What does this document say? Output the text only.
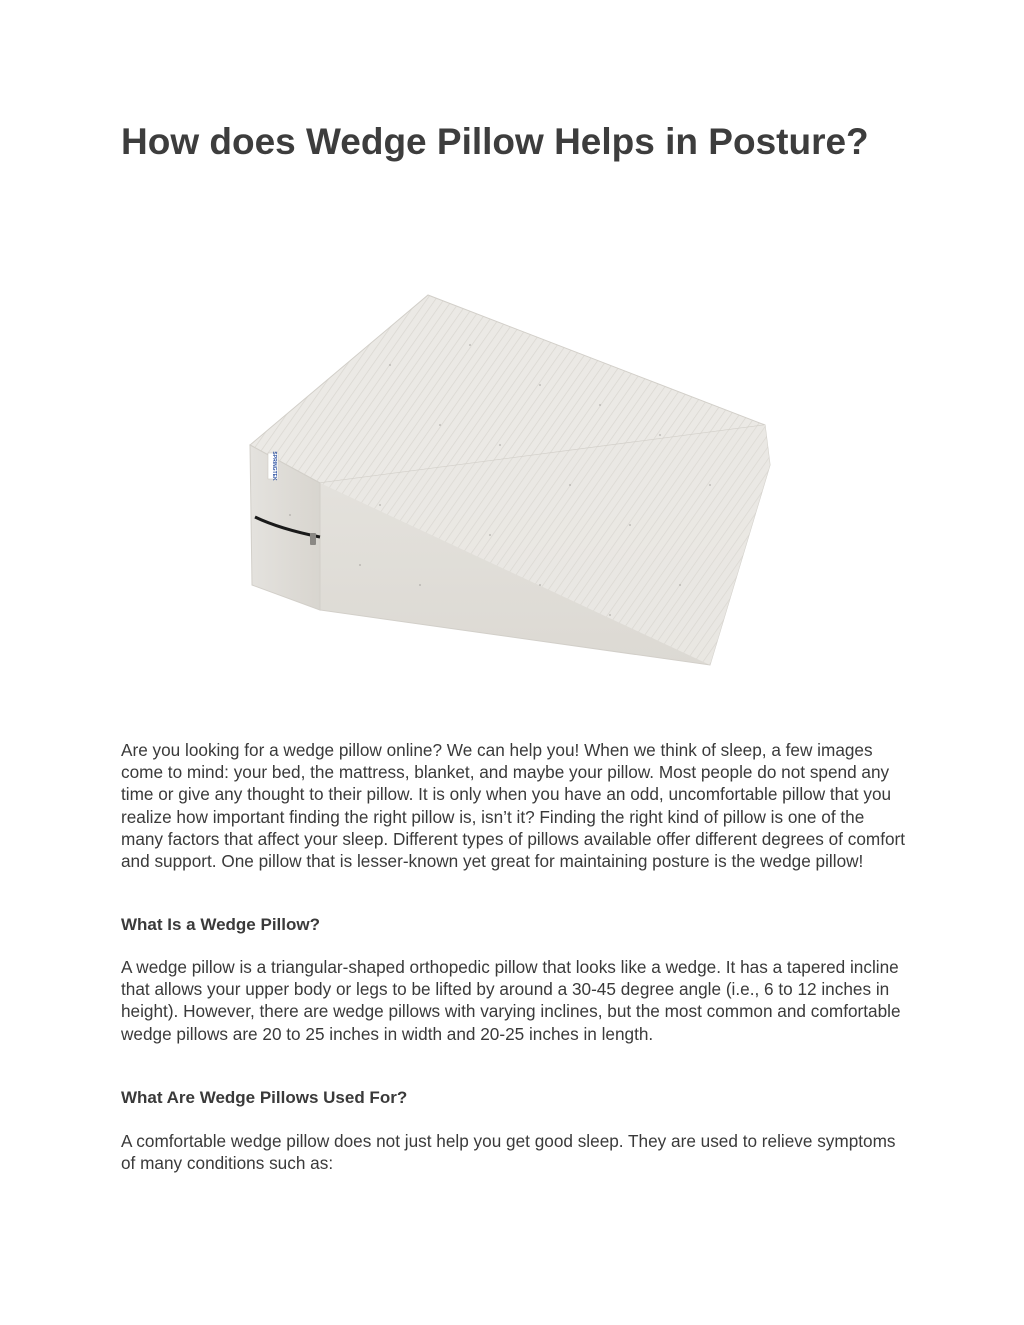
How does Wedge Pillow Helps in Posture?
SPRINGTEK

Are you looking for a wedge pillow online? We can help you! When we think of sleep, a few images come to mind: your bed, the mattress, blanket, and maybe your pillow. Most people do not spend any time or give any thought to their pillow. It is only when you have an odd, uncomfortable pillow that you realize how important finding the right pillow is, isn’t it? Finding the right kind of pillow is one of the many factors that affect your sleep. Different types of pillows available offer different degrees of comfort and support. One pillow that is lesser-known yet great for maintaining posture is the wedge pillow!

What Is a Wedge Pillow?

A wedge pillow is a triangular-shaped orthopedic pillow that looks like a wedge. It has a tapered incline that allows your upper body or legs to be lifted by around a 30-45 degree angle (i.e., 6 to 12 inches in height). However, there are wedge pillows with varying inclines, but the most common and comfortable wedge pillows are 20 to 25 inches in width and 20-25 inches in length.

What Are Wedge Pillows Used For?

A comfortable wedge pillow does not just help you get good sleep. They are used to relieve symptoms of many conditions such as:
